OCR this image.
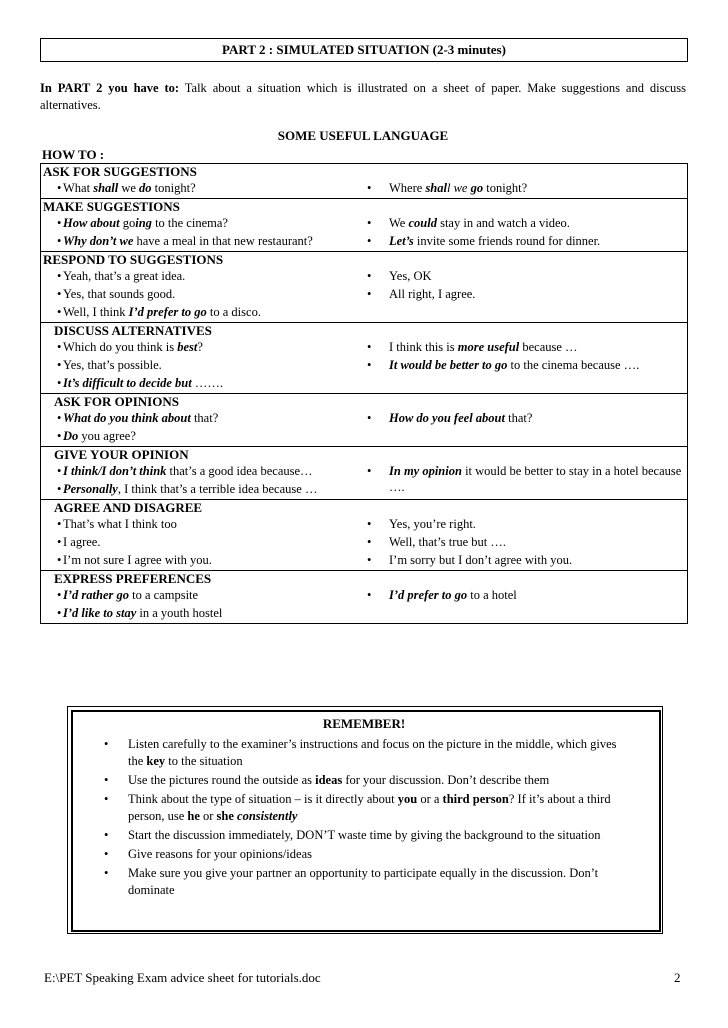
PART 2 : SIMULATED SITUATION (2-3 minutes)
In PART 2 you have to: Talk about a situation which is illustrated on a sheet of paper. Make suggestions and discuss alternatives.
SOME USEFUL LANGUAGE
HOW TO :
ASK FOR SUGGESTIONS
• What shall we do tonight?	• Where shall we go tonight?
MAKE SUGGESTIONS
• How about going to the cinema?
• Why don’t we have a meal in that new restaurant?
• We could stay in and watch a video.
• Let’s invite some friends round for dinner.
RESPOND TO SUGGESTIONS
• Yeah, that’s a great idea.
• Yes, that sounds good.
• Well, I think I’d prefer to go to a disco.
• Yes, OK
• All right, I agree.
DISCUSS ALTERNATIVES
• Which do you think is best?
• Yes, that’s possible.
• It’s difficult to decide but …….
• I think this is more useful because …
• It would be better to go to the cinema because ….
ASK FOR OPINIONS
• What do you think about that?
• Do you agree?
• How do you feel about that?
GIVE YOUR OPINION
• I think/I don’t think that’s a good idea because…
• Personally, I think that’s a terrible idea because …
• In my opinion it would be better to stay in a hotel because ….
AGREE AND DISAGREE
• That’s what I think too
• I agree.
• I’m not sure I agree with you.
• Yes, you’re right.
• Well, that’s true but ….
• I’m sorry but I don’t agree with you.
EXPRESS PREFERENCES
• I’d rather go to a campsite
• I’d like to stay in a youth hostel
• I’d prefer to go to a hotel
REMEMBER!
• Listen carefully to the examiner’s instructions and focus on the picture in the middle, which gives the key to the situation
• Use the pictures round the outside as ideas for your discussion. Don’t describe them
• Think about the type of situation – is it directly about you or a third person? If it’s about a third person, use he or she consistently
• Start the discussion immediately, DON’T waste time by giving the background to the situation
• Give reasons for your opinions/ideas
• Make sure you give your partner an opportunity to participate equally in the discussion. Don’t dominate
E:\PET Speaking Exam advice sheet for tutorials.doc	2
